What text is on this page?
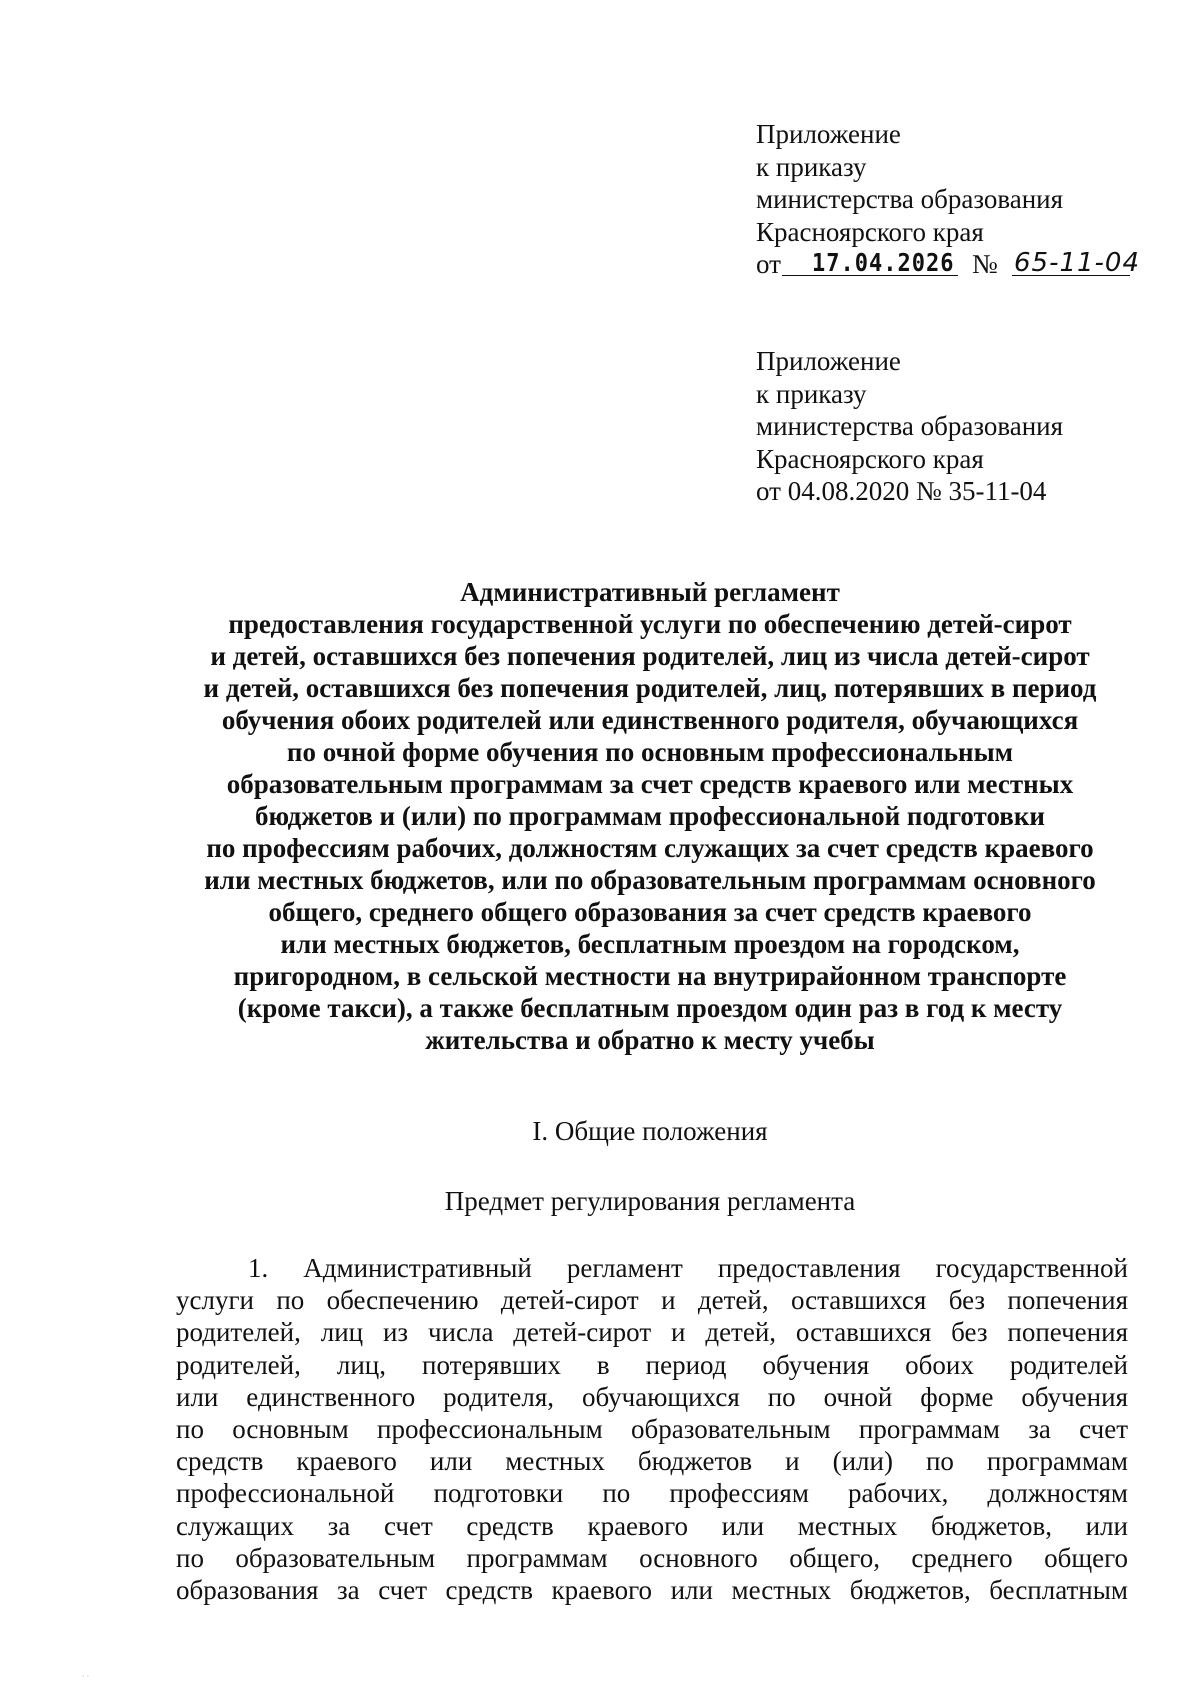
Приложение
к приказу
министерства образования
Красноярского края
от 17.04.2026 № 65-11-04
Приложение
к приказу
министерства образования
Красноярского края
от 04.08.2020 № 35-11-04
Административный регламент
предоставления государственной услуги по обеспечению детей-сирот
и детей, оставшихся без попечения родителей, лиц из числа детей-сирот
и детей, оставшихся без попечения родителей, лиц, потерявших в период
обучения обоих родителей или единственного родителя, обучающихся
по очной форме обучения по основным профессиональным
образовательным программам за счет средств краевого или местных
бюджетов и (или) по программам профессиональной подготовки
по профессиям рабочих, должностям служащих за счет средств краевого
или местных бюджетов, или по образовательным программам основного
общего, среднего общего образования за счет средств краевого
или местных бюджетов, бесплатным проездом на городском,
пригородном, в сельской местности на внутрирайонном транспорте
(кроме такси), а также бесплатным проездом один раз в год к месту
жительства и обратно к месту учебы
I. Общие положения
Предмет регулирования регламента
1. Административный регламент предоставления государственной
услуги по обеспечению детей-сирот и детей, оставшихся без попечения
родителей, лиц из числа детей-сирот и детей, оставшихся без попечения
родителей, лиц, потерявших в период обучения обоих родителей
или единственного родителя, обучающихся по очной форме обучения
по основным профессиональным образовательным программам за счет
средств краевого или местных бюджетов и (или) по программам
профессиональной подготовки по профессиям рабочих, должностям
служащих за счет средств краевого или местных бюджетов, или
по образовательным программам основного общего, среднего общего
образования за счет средств краевого или местных бюджетов, бесплатным
· ·
